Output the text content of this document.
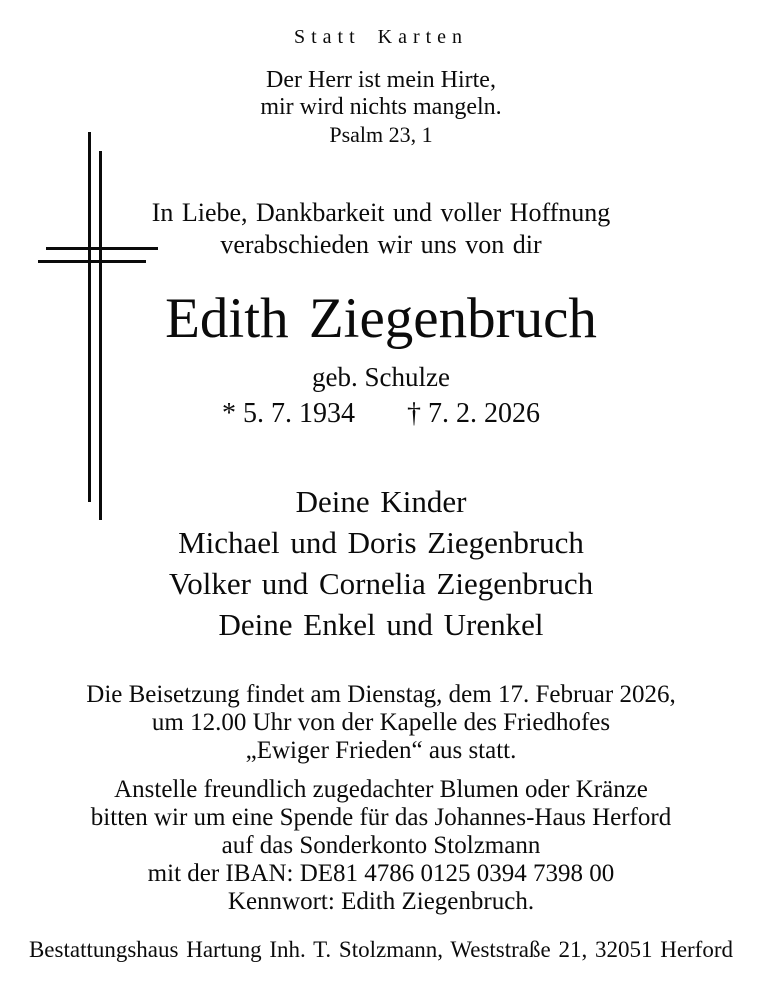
Statt Karten
Der Herr ist mein Hirte,
mir wird nichts mangeln.
Psalm 23, 1
In Liebe, Dankbarkeit und voller Hoffnung
verabschieden wir uns von dir
Edith Ziegenbruch
geb. Schulze
* 5. 7. 1934 † 7. 2. 2026
Deine Kinder
Michael und Doris Ziegenbruch
Volker und Cornelia Ziegenbruch
Deine Enkel und Urenkel
Die Beisetzung findet am Dienstag, dem 17. Februar 2026,
um 12.00 Uhr von der Kapelle des Friedhofes
„Ewiger Frieden“ aus statt.
Anstelle freundlich zugedachter Blumen oder Kränze
bitten wir um eine Spende für das Johannes-Haus Herford
auf das Sonderkonto Stolzmann
mit der IBAN: DE81 4786 0125 0394 7398 00
Kennwort: Edith Ziegenbruch.
Bestattungshaus Hartung Inh. T. Stolzmann, Weststraße 21, 32051 Herford
